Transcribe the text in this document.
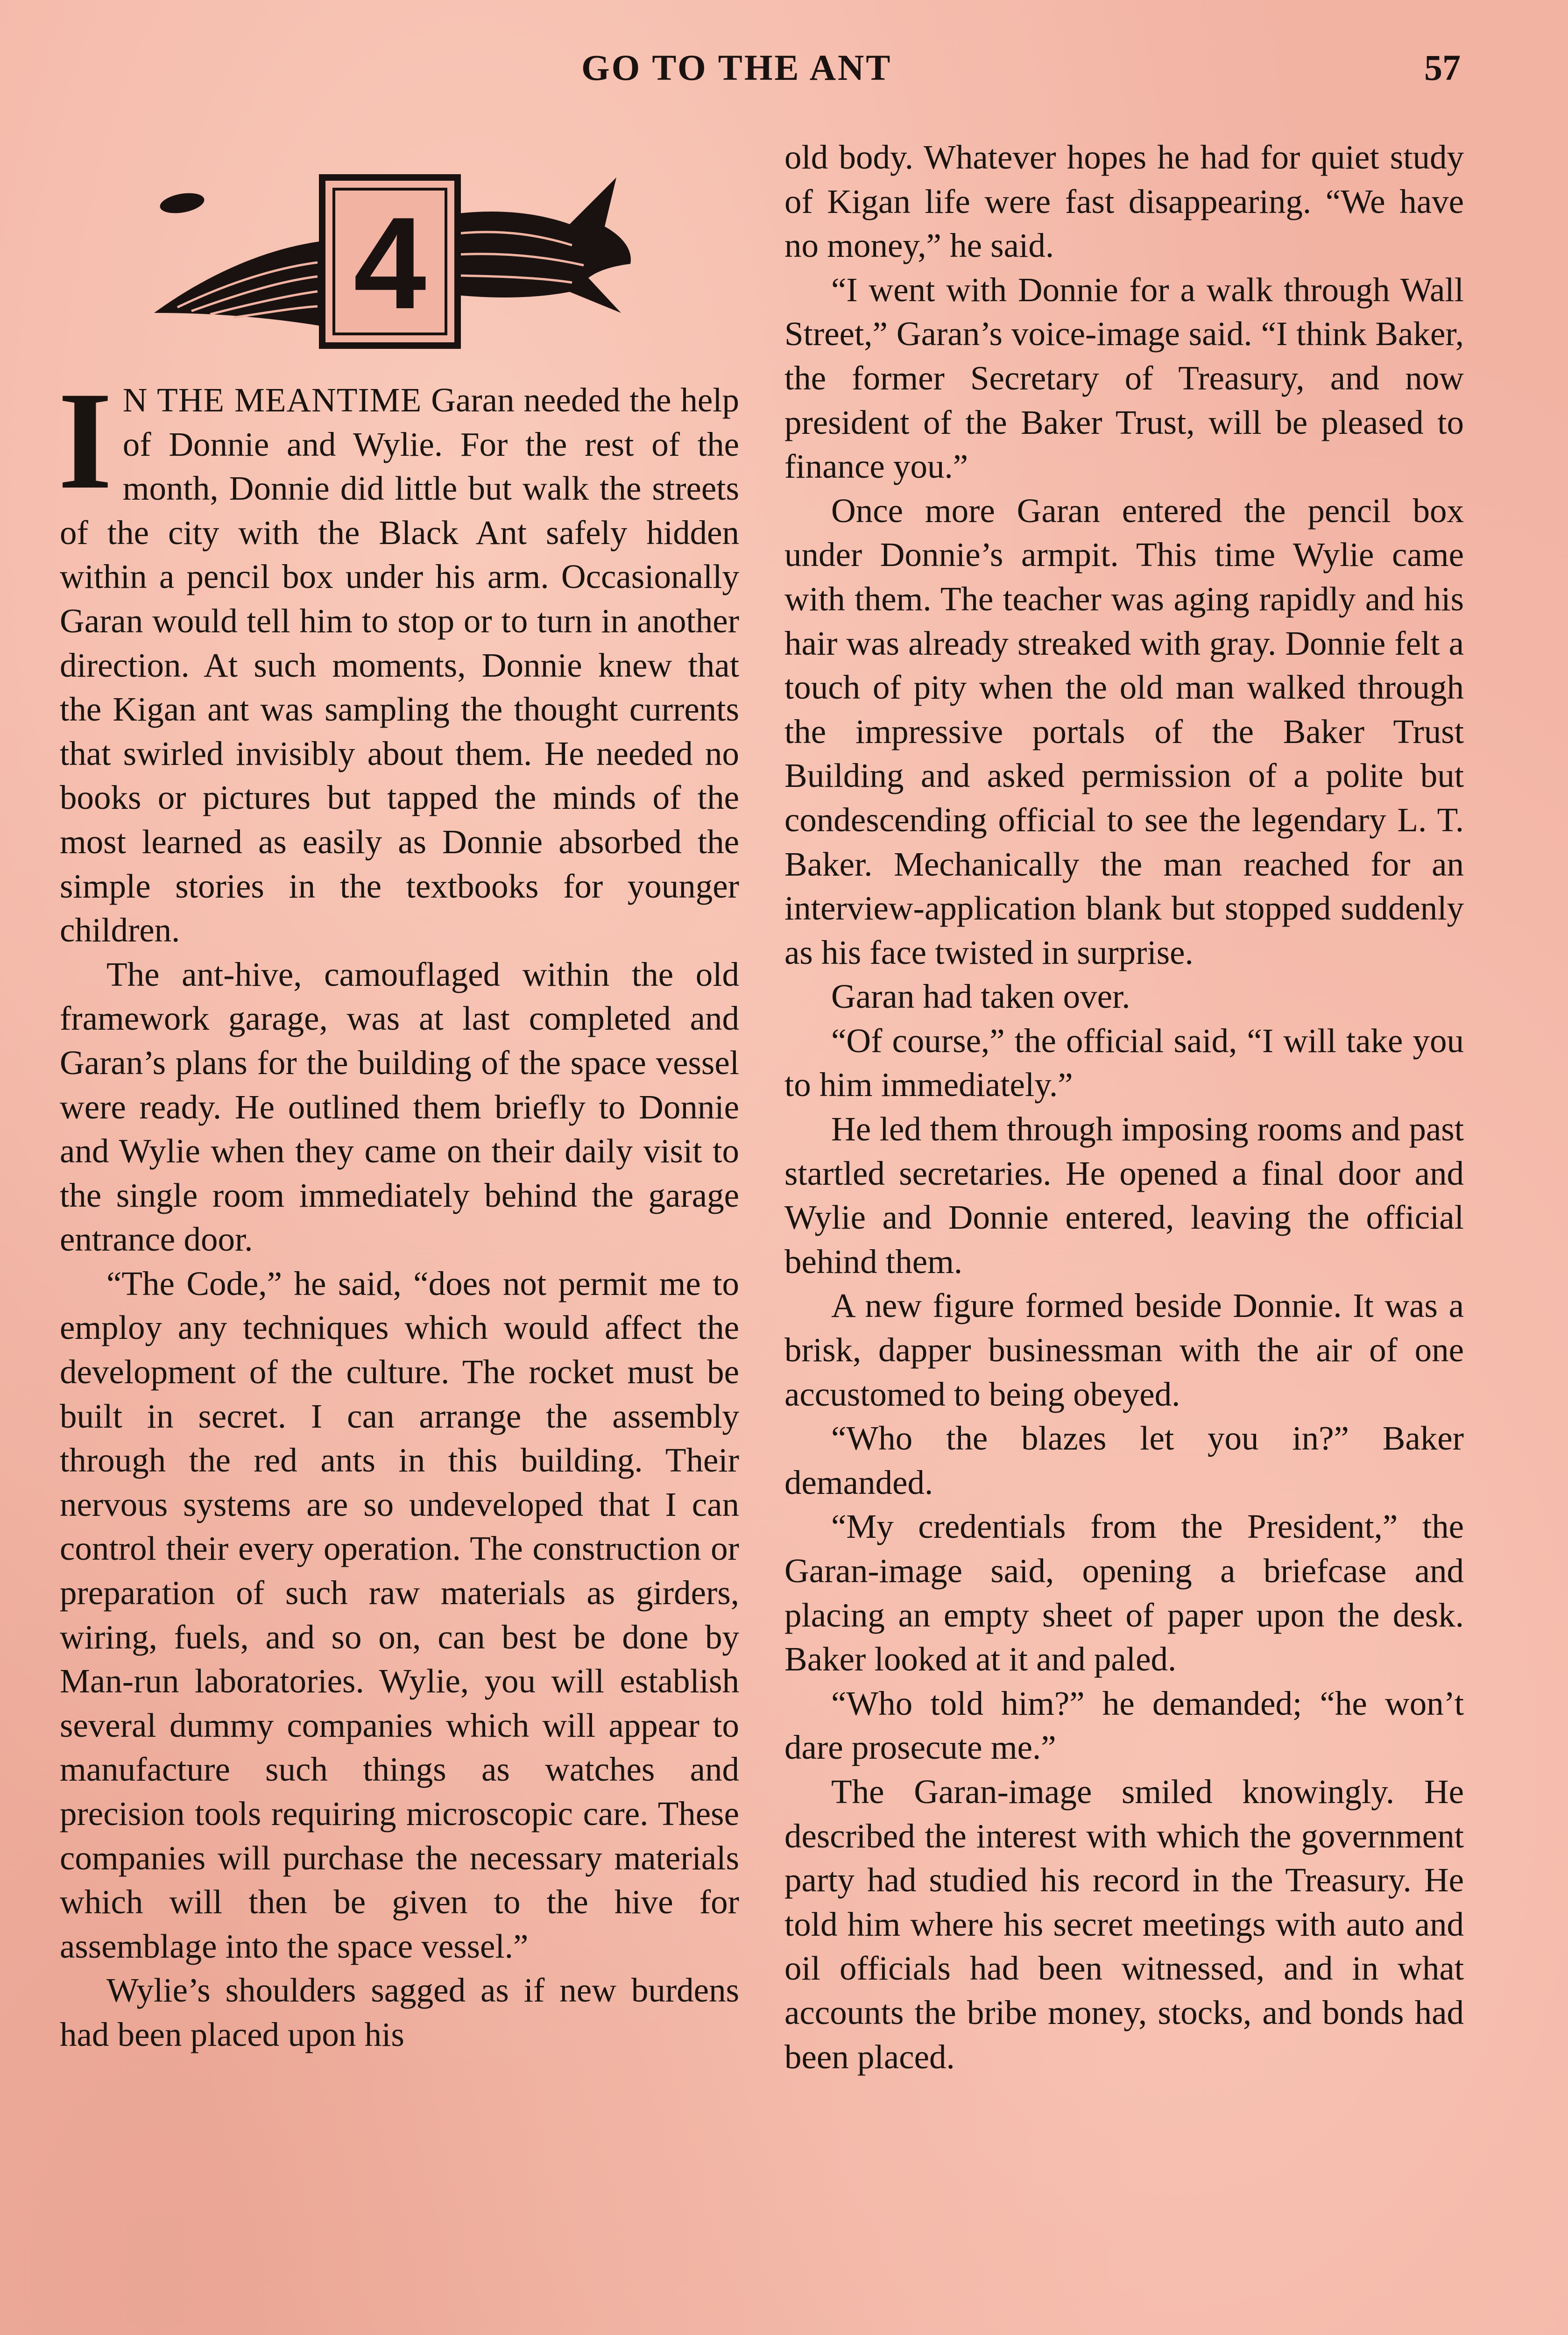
GO TO THE ANT	57
4

I N THE MEANTIME Garan needed the help of Donnie and Wylie. For the rest of the month, Donnie did little but walk the streets of the city with the Black Ant safely hidden within a pencil box under his arm. Occasionally Garan would tell him to stop or to turn in another direction. At such moments, Donnie knew that the Kigan ant was sampling the thought currents that swirled invisibly about them. He needed no books or pictures but tapped the minds of the most learned as easily as Donnie absorbed the simple stories in the textbooks for younger children.

The ant-hive, camouflaged within the old framework garage, was at last completed and Garan’s plans for the building of the space vessel were ready. He outlined them briefly to Donnie and Wylie when they came on their daily visit to the single room immediately behind the garage entrance door.

“The Code,” he said, “does not permit me to employ any techniques which would affect the development of the culture. The rocket must be built in secret. I can arrange the assembly through the red ants in this building. Their nervous systems are so undeveloped that I can control their every operation. The construction or preparation of such raw materials as girders, wiring, fuels, and so on, can best be done by Man-run laboratories. Wylie, you will establish several dummy companies which will appear to manufacture such things as watches and precision tools requiring microscopic care. These companies will purchase the necessary materials which will then be given to the hive for assemblage into the space vessel.”

Wylie’s shoulders sagged as if new burdens had been placed upon his

old body. Whatever hopes he had for quiet study of Kigan life were fast disappearing. “We have no money,” he said.

“I went with Donnie for a walk through Wall Street,” Garan’s voice-image said. “I think Baker, the former Secretary of Treasury, and now president of the Baker Trust, will be pleased to finance you.”

Once more Garan entered the pencil box under Donnie’s armpit. This time Wylie came with them. The teacher was aging rapidly and his hair was already streaked with gray. Donnie felt a touch of pity when the old man walked through the impressive portals of the Baker Trust Building and asked permission of a polite but condescending official to see the legendary L. T. Baker. Mechanically the man reached for an interview-application blank but stopped suddenly as his face twisted in surprise.

Garan had taken over.

“Of course,” the official said, “I will take you to him immediately.”

He led them through imposing rooms and past startled secretaries. He opened a final door and Wylie and Donnie entered, leaving the official behind them.

A new figure formed beside Donnie. It was a brisk, dapper businessman with the air of one accustomed to being obeyed.

“Who the blazes let you in?” Baker demanded.

“My credentials from the President,” the Garan-image said, opening a briefcase and placing an empty sheet of paper upon the desk. Baker looked at it and paled.

“Who told him?” he demanded; “he won’t dare prosecute me.”

The Garan-image smiled knowingly. He described the interest with which the government party had studied his record in the Treasury. He told him where his secret meetings with auto and oil officials had been witnessed, and in what accounts the bribe money, stocks, and bonds had been placed.
